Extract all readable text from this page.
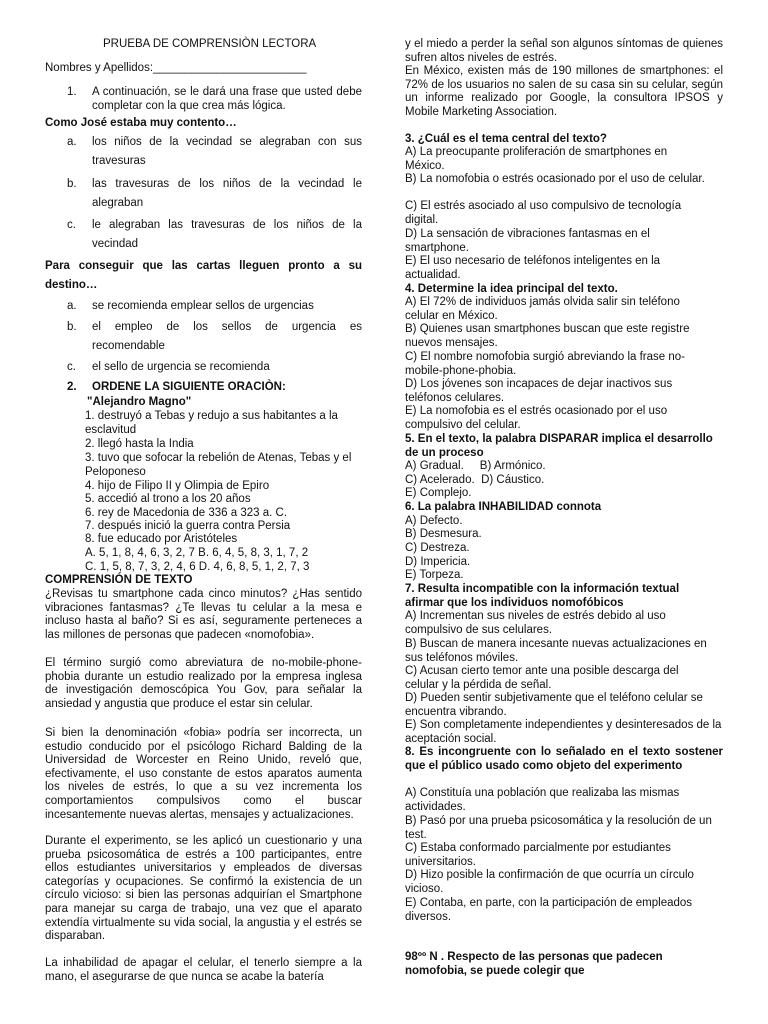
PRUEBA DE COMPRENSIÒN LECTORA
Nombres y Apellidos:________________________
1. A continuación, se le dará una frase que usted debe completar con la que crea más lógica.
Como José estaba muy contento…
a. los niños de la vecindad se alegraban con sus travesuras
b. las travesuras de los niños de la vecindad le alegraban
c. le alegraban las travesuras de los niños de la vecindad
Para conseguir que las cartas lleguen pronto a su destino…
a. se recomienda emplear sellos de urgencias
b. el empleo de los sellos de urgencia es recomendable
c. el sello de urgencia se recomienda
2. ORDENE LA SIGUIENTE ORACIÒN:
"Alejandro Magno"
1. destruyó a Tebas y redujo a sus habitantes a la esclavitud
2. llegó hasta la India
3. tuvo que sofocar la rebelión de Atenas, Tebas y el Peloponeso
4. hijo de Filipo II y Olimpia de Epiro
5. accedió al trono a los 20 años
6. rey de Macedonia de 336 a 323 a. C.
7. después inició la guerra contra Persia
8. fue educado por Aristóteles
A. 5, 1, 8, 4, 6, 3, 2, 7 B. 6, 4, 5, 8, 3, 1, 7, 2
C. 1, 5, 8, 7, 3, 2, 4, 6 D. 4, 6, 8, 5, 1, 2, 7, 3
COMPRENSIÓN DE TEXTO
¿Revisas tu smartphone cada cinco minutos? ¿Has sentido vibraciones fantasmas? ¿Te llevas tu celular a la mesa e incluso hasta al baño? Si es así, seguramente perteneces a las millones de personas que padecen «nomofobia».
El término surgió como abreviatura de no-mobile-phone-phobia durante un estudio realizado por la empresa inglesa de investigación demoscópica You Gov, para señalar la ansiedad y angustia que produce el estar sin celular.
Si bien la denominación «fobia» podría ser incorrecta, un estudio conducido por el psicólogo Richard Balding de la Universidad de Worcester en Reino Unido, reveló que, efectivamente, el uso constante de estos aparatos aumenta los niveles de estrés, lo que a su vez incrementa los comportamientos compulsivos como el buscar incesantemente nuevas alertas, mensajes y actualizaciones.
Durante el experimento, se les aplicó un cuestionario y una prueba psicosomática de estrés a 100 participantes, entre ellos estudiantes universitarios y empleados de diversas categorías y ocupaciones. Se confirmó la existencia de un círculo vicioso: si bien las personas adquirían el Smartphone para manejar su carga de trabajo, una vez que el aparato extendía virtualmente su vida social, la angustia y el estrés se disparaban.
La inhabilidad de apagar el celular, el tenerlo siempre a la mano, el asegurarse de que nunca se acabe la batería
y el miedo a perder la señal son algunos síntomas de quienes sufren altos niveles de estrés.
En México, existen más de 190 millones de smartphones: el 72% de los usuarios no salen de su casa sin su celular, según un informe realizado por Google, la consultora IPSOS y Mobile Marketing Association.
3. ¿Cuál es el tema central del texto?
A) La preocupante proliferación de smartphones en México.
B) La nomofobia o estrés ocasionado por el uso de celular.
C) El estrés asociado al uso compulsivo de tecnología digital.
D) La sensación de vibraciones fantasmas en el smartphone.
E) El uso necesario de teléfonos inteligentes en la actualidad.
4. Determine la idea principal del texto.
A) El 72% de individuos jamás olvida salir sin teléfono celular en México.
B) Quienes usan smartphones buscan que este registre nuevos mensajes.
C) El nombre nomofobia surgió abreviando la frase no-mobile-phone-phobia.
D) Los jóvenes son incapaces de dejar inactivos sus teléfonos celulares.
E) La nomofobia es el estrés ocasionado por el uso compulsivo del celular.
5. En el texto, la palabra DISPARAR implica el desarrollo de un proceso
A) Gradual.     B) Armónico.
C) Acelerado.  D) Cáustico.
E) Complejo.
6. La palabra INHABILIDAD connota
A) Defecto.
B) Desmesura.
C) Destreza.
D) Impericia.
E) Torpeza.
7. Resulta incompatible con la información textual afirmar que los individuos nomofóbicos
A) Incrementan sus niveles de estrés debido al uso compulsivo de sus celulares.
B) Buscan de manera incesante nuevas actualizaciones en sus teléfonos móviles.
C) Acusan cierto temor ante una posible descarga del celular y la pérdida de señal.
D) Pueden sentir subjetivamente que el teléfono celular se encuentra vibrando.
E) Son completamente independientes y desinteresados de la aceptación social.
8. Es incongruente con lo señalado en el texto sostener que el público usado como objeto del experimento
A) Constituía una población que realizaba las mismas actividades.
B) Pasó por una prueba psicosomática y la resolución de un test.
C) Estaba conformado parcialmente por estudiantes universitarios.
D) Hizo posible la confirmación de que ocurría un círculo vicioso.
E) Contaba, en parte, con la participación de empleados diversos.
98ºº N . Respecto de las personas que padecen nomofobia, se puede colegir que
